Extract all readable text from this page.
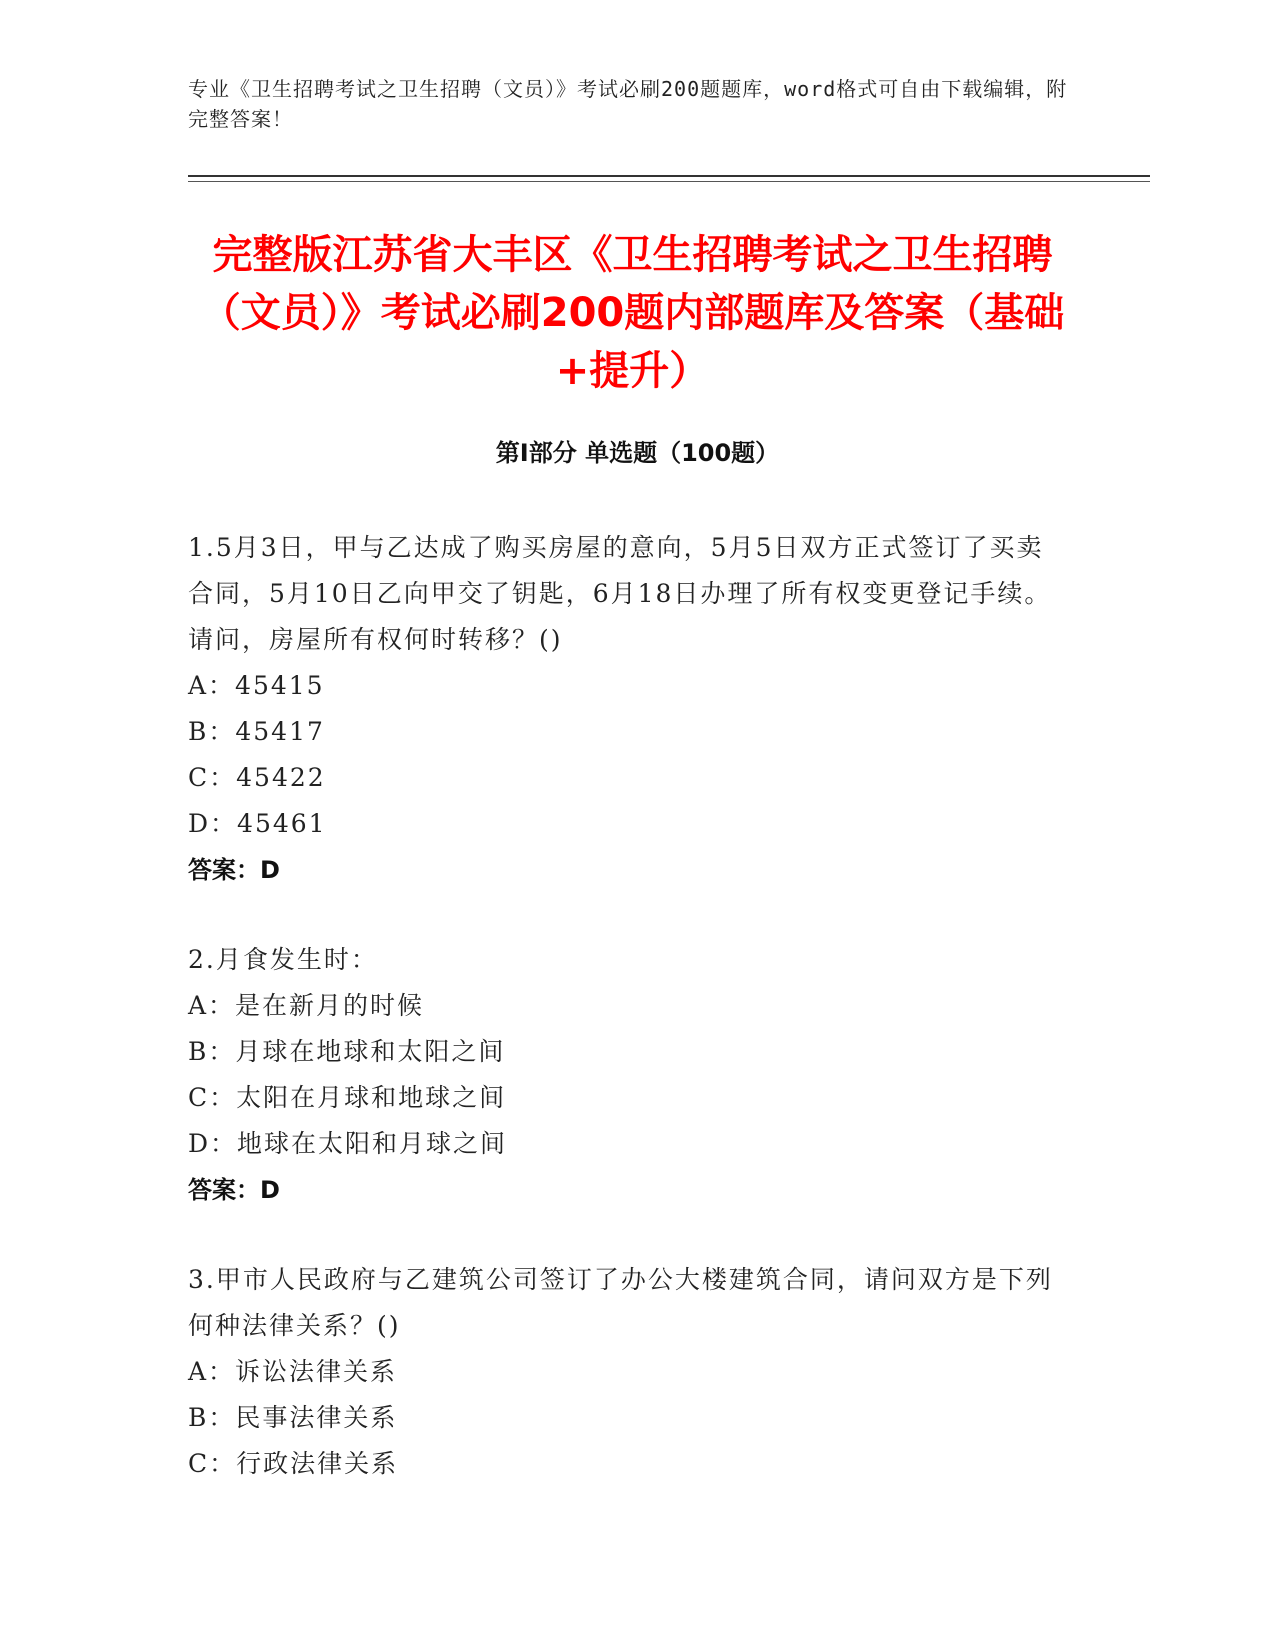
专业《卫生招聘考试之卫生招聘（文员）》考试必刷200题题库，word格式可自由下载编辑，附完整答案！
完整版江苏省大丰区《卫生招聘考试之卫生招聘（文员）》考试必刷200题内部题库及答案（基础+提升）
第Ⅰ部分 单选题（100题）
1.5月3日，甲与乙达成了购买房屋的意向，5月5日双方正式签订了买卖合同，5月10日乙向甲交了钥匙，6月18日办理了所有权变更登记手续。请问，房屋所有权何时转移？()
A：45415
B：45417
C：45422
D：45461
答案：D
2.月食发生时：
A：是在新月的时候
B：月球在地球和太阳之间
C：太阳在月球和地球之间
D：地球在太阳和月球之间
答案：D
3.甲市人民政府与乙建筑公司签订了办公大楼建筑合同，请问双方是下列何种法律关系？()
A：诉讼法律关系
B：民事法律关系
C：行政法律关系
